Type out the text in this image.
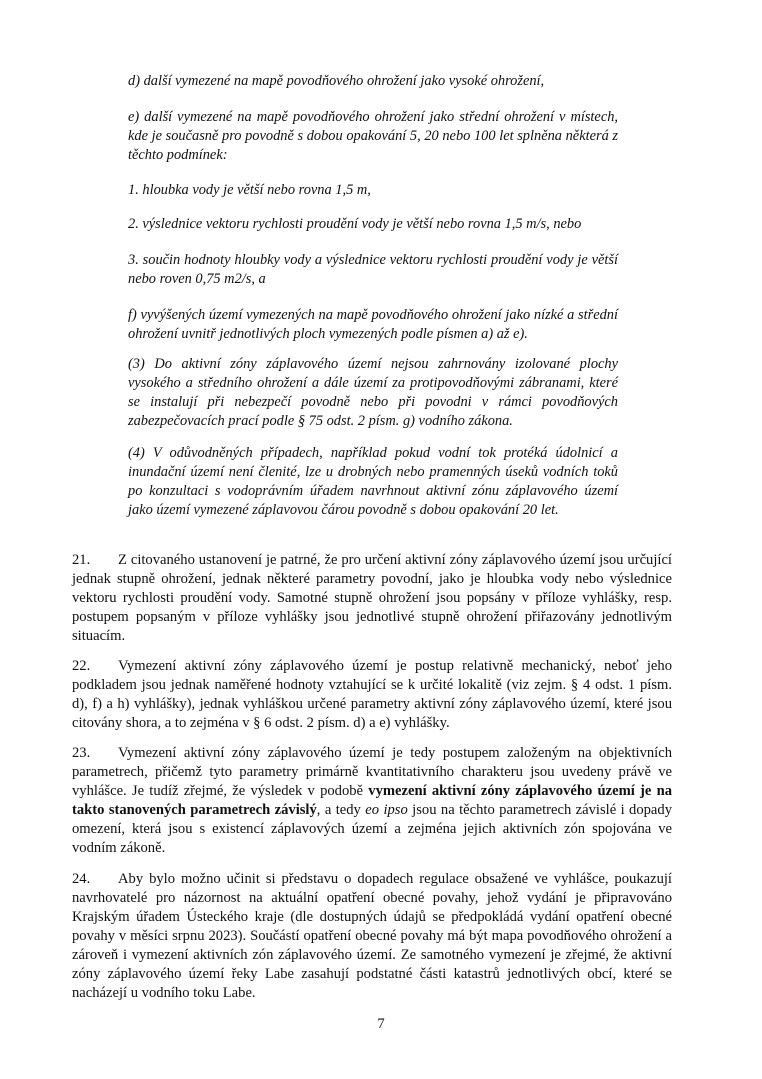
d) další vymezené na mapě povodňového ohrožení jako vysoké ohrožení,

e) další vymezené na mapě povodňového ohrožení jako střední ohrožení v místech, kde je současně pro povodně s dobou opakování 5, 20 nebo 100 let splněna některá z těchto podmínek:

1. hloubka vody je větší nebo rovna 1,5 m,

2. výslednice vektoru rychlosti proudění vody je větší nebo rovna 1,5 m/s, nebo

3. součin hodnoty hloubky vody a výslednice vektoru rychlosti proudění vody je větší nebo roven 0,75 m2/s, a

f) vyvýšených území vymezených na mapě povodňového ohrožení jako nízké a střední ohrožení uvnitř jednotlivých ploch vymezených podle písmen a) až e).

(3) Do aktivní zóny záplavového území nejsou zahrnovány izolované plochy vysokého a středního ohrožení a dále území za protipovodňovými zábranami, které se instalují při nebezpečí povodně nebo při povodni v rámci povodňových zabezpečovacích prací podle § 75 odst. 2 písm. g) vodního zákona.

(4) V odůvodněných případech, například pokud vodní tok protéká údolnicí a inundační území není členité, lze u drobných nebo pramenných úseků vodních toků po konzultaci s vodoprávním úřadem navrhnout aktivní zónu záplavového území jako území vymezené záplavovou čárou povodně s dobou opakování 20 let.

21. Z citovaného ustanovení je patrné, že pro určení aktivní zóny záplavového území jsou určující jednak stupně ohrožení, jednak některé parametry povodní, jako je hloubka vody nebo výslednice vektoru rychlosti proudění vody. Samotné stupně ohrožení jsou popsány v příloze vyhlášky, resp. postupem popsaným v příloze vyhlášky jsou jednotlivé stupně ohrožení přiřazovány jednotlivým situacím.

22. Vymezení aktivní zóny záplavového území je postup relativně mechanický, neboť jeho podkladem jsou jednak naměřené hodnoty vztahující se k určité lokalitě (viz zejm. § 4 odst. 1 písm. d), f) a h) vyhlášky), jednak vyhláškou určené parametry aktivní zóny záplavového území, které jsou citovány shora, a to zejména v § 6 odst. 2 písm. d) a e) vyhlášky.

23. Vymezení aktivní zóny záplavového území je tedy postupem založeným na objektivních parametrech, přičemž tyto parametry primárně kvantitativního charakteru jsou uvedeny právě ve vyhlášce. Je tudíž zřejmé, že výsledek v podobě vymezení aktivní zóny záplavového území je na takto stanovených parametrech závislý, a tedy eo ipso jsou na těchto parametrech závislé i dopady omezení, která jsou s existencí záplavových území a zejména jejich aktivních zón spojována ve vodním zákoně.

24. Aby bylo možno učinit si představu o dopadech regulace obsažené ve vyhlášce, poukazují navrhovatelé pro názornost na aktuální opatření obecné povahy, jehož vydání je připravováno Krajským úřadem Ústeckého kraje (dle dostupných údajů se předpokládá vydání opatření obecné povahy v měsíci srpnu 2023). Součástí opatření obecné povahy má být mapa povodňového ohrožení a zároveň i vymezení aktivních zón záplavového území. Ze samotného vymezení je zřejmé, že aktivní zóny záplavového území řeky Labe zasahují podstatné části katastrů jednotlivých obcí, které se nacházejí u vodního toku Labe.

7
